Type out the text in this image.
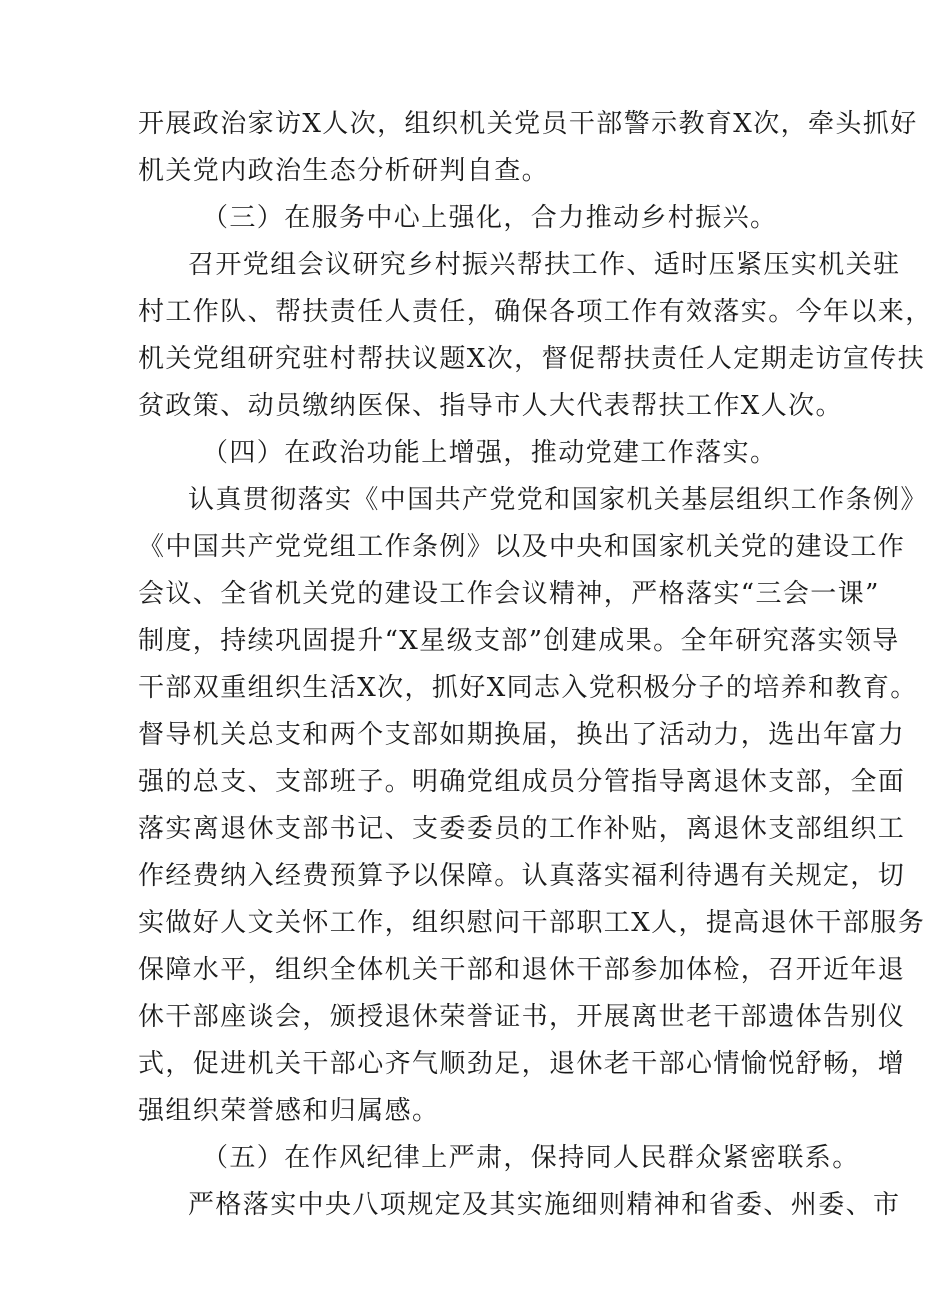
开展政治家访X人次，组织机关党员干部警示教育X次，牵头抓好
机关党内政治生态分析研判自查。
（三）在服务中心上强化，合力推动乡村振兴。
召开党组会议研究乡村振兴帮扶工作、适时压紧压实机关驻
村工作队、帮扶责任人责任，确保各项工作有效落实。今年以来，
机关党组研究驻村帮扶议题X次，督促帮扶责任人定期走访宣传扶
贫政策、动员缴纳医保、指导市人大代表帮扶工作X人次。
（四）在政治功能上增强，推动党建工作落实。
认真贯彻落实《中国共产党党和国家机关基层组织工作条例》
《中国共产党党组工作条例》以及中央和国家机关党的建设工作
会议、全省机关党的建设工作会议精神，严格落实“三会一课”
制度，持续巩固提升“X星级支部”创建成果。全年研究落实领导
干部双重组织生活X次，抓好X同志入党积极分子的培养和教育。
督导机关总支和两个支部如期换届，换出了活动力，选出年富力
强的总支、支部班子。明确党组成员分管指导离退休支部，全面
落实离退休支部书记、支委委员的工作补贴，离退休支部组织工
作经费纳入经费预算予以保障。认真落实福利待遇有关规定，切
实做好人文关怀工作，组织慰问干部职工X人，提高退休干部服务
保障水平，组织全体机关干部和退休干部参加体检，召开近年退
休干部座谈会，颁授退休荣誉证书，开展离世老干部遗体告别仪
式，促进机关干部心齐气顺劲足，退休老干部心情愉悦舒畅，增
强组织荣誉感和归属感。
（五）在作风纪律上严肃，保持同人民群众紧密联系。
严格落实中央八项规定及其实施细则精神和省委、州委、市
